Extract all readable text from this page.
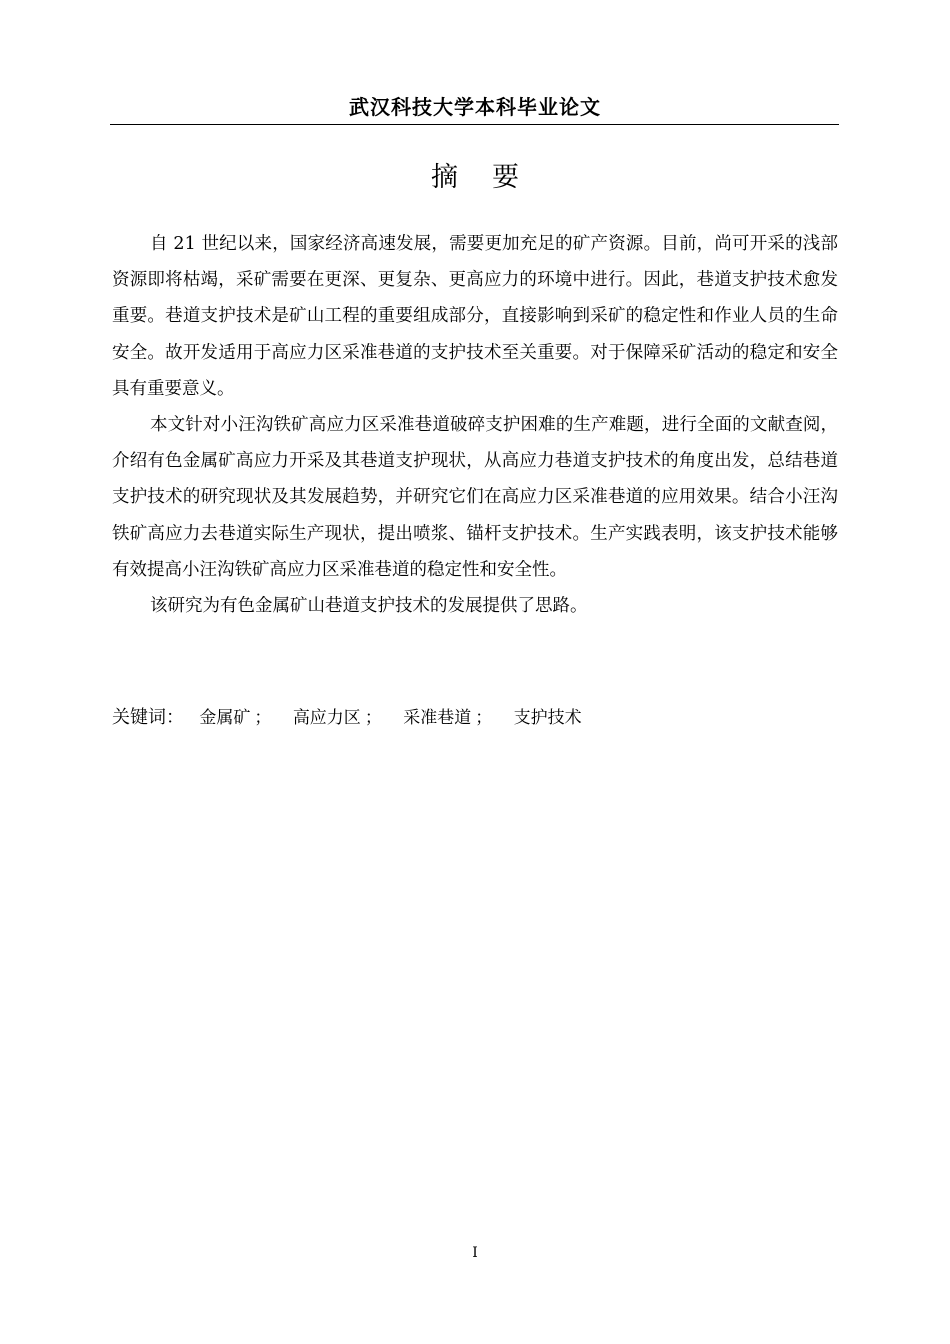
武汉科技大学本科毕业论文
摘要

自 21 世纪以来，国家经济高速发展，需要更加充足的矿产资源。目前，尚可开采的浅部资源即将枯竭，采矿需要在更深、更复杂、更高应力的环境中进行。因此，巷道支护技术愈发重要。巷道支护技术是矿山工程的重要组成部分，直接影响到采矿的稳定性和作业人员的生命安全。故开发适用于高应力区采准巷道的支护技术至关重要。对于保障采矿活动的稳定和安全具有重要意义。

本文针对小汪沟铁矿高应力区采准巷道破碎支护困难的生产难题，进行全面的文献查阅，介绍有色金属矿高应力开采及其巷道支护现状，从高应力巷道支护技术的角度出发，总结巷道支护技术的研究现状及其发展趋势，并研究它们在高应力区采准巷道的应用效果。结合小汪沟铁矿高应力去巷道实际生产现状，提出喷浆、锚杆支护技术。生产实践表明，该支护技术能够有效提高小汪沟铁矿高应力区采准巷道的稳定性和安全性。

该研究为有色金属矿山巷道支护技术的发展提供了思路。

关键词： 金属矿 ； 高应力区 ； 采准巷道 ； 支护技术
I
